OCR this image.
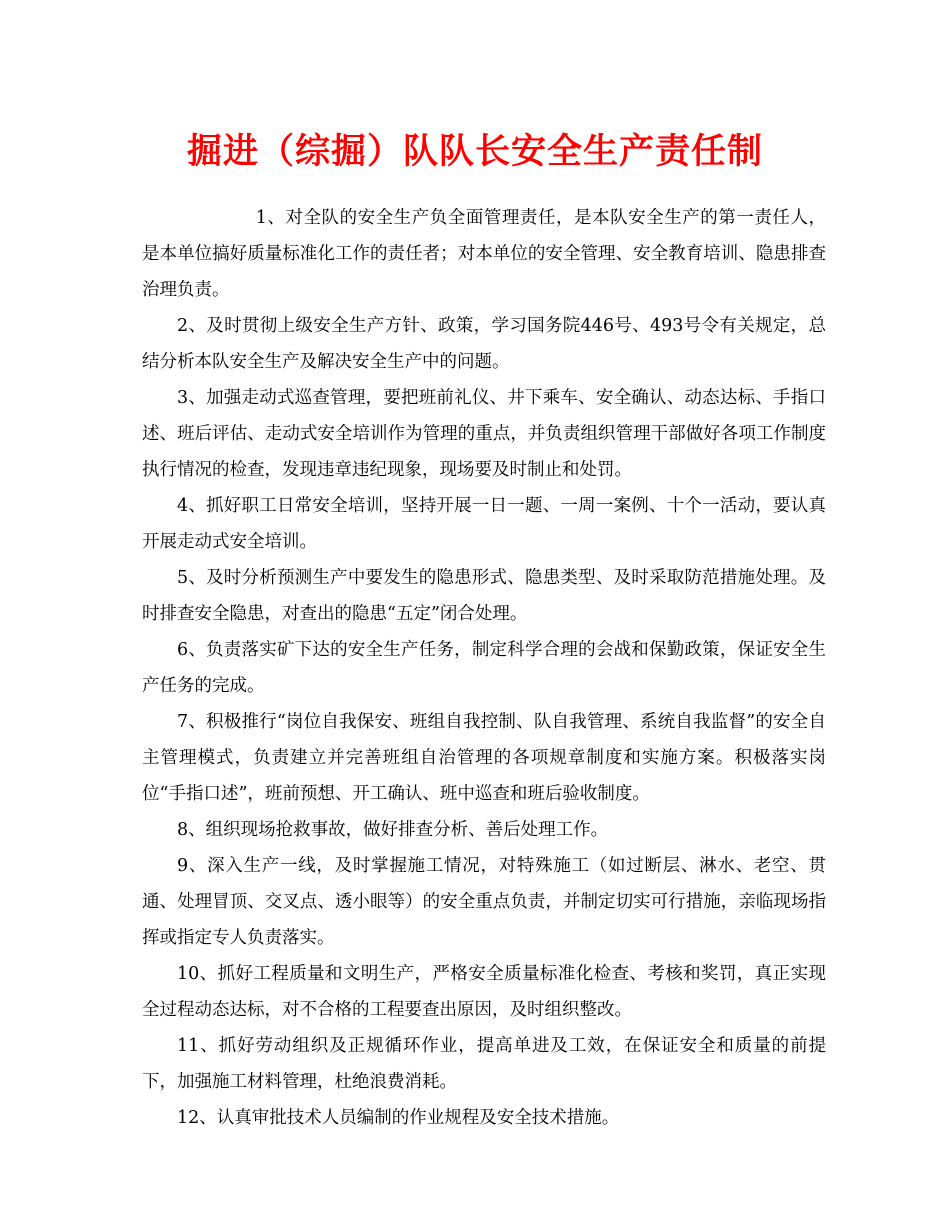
掘进（综掘）队队长安全生产责任制

1、对全队的安全生产负全面管理责任，是本队安全生产的第一责任人，是本单位搞好质量标准化工作的责任者；对本单位的安全管理、安全教育培训、隐患排查治理负责。

2、及时贯彻上级安全生产方针、政策，学习国务院446号、493号令有关规定，总结分析本队安全生产及解决安全生产中的问题。

3、加强走动式巡查管理，要把班前礼仪、井下乘车、安全确认、动态达标、手指口述、班后评估、走动式安全培训作为管理的重点，并负责组织管理干部做好各项工作制度执行情况的检查，发现违章违纪现象，现场要及时制止和处罚。

4、抓好职工日常安全培训，坚持开展一日一题、一周一案例、十个一活动，要认真开展走动式安全培训。

5、及时分析预测生产中要发生的隐患形式、隐患类型、及时采取防范措施处理。及时排查安全隐患，对查出的隐患“五定”闭合处理。

6、负责落实矿下达的安全生产任务，制定科学合理的会战和保勤政策，保证安全生产任务的完成。

7、积极推行“岗位自我保安、班组自我控制、队自我管理、系统自我监督”的安全自主管理模式，负责建立并完善班组自治管理的各项规章制度和实施方案。积极落实岗位“手指口述”，班前预想、开工确认、班中巡查和班后验收制度。

8、组织现场抢救事故，做好排查分析、善后处理工作。

9、深入生产一线，及时掌握施工情况，对特殊施工（如过断层、淋水、老空、贯通、处理冒顶、交叉点、透小眼等）的安全重点负责，并制定切实可行措施，亲临现场指挥或指定专人负责落实。

10、抓好工程质量和文明生产，严格安全质量标准化检查、考核和奖罚，真正实现全过程动态达标，对不合格的工程要查出原因，及时组织整改。

11、抓好劳动组织及正规循环作业，提高单进及工效，在保证安全和质量的前提下，加强施工材料管理，杜绝浪费消耗。

12、认真审批技术人员编制的作业规程及安全技术措施。
